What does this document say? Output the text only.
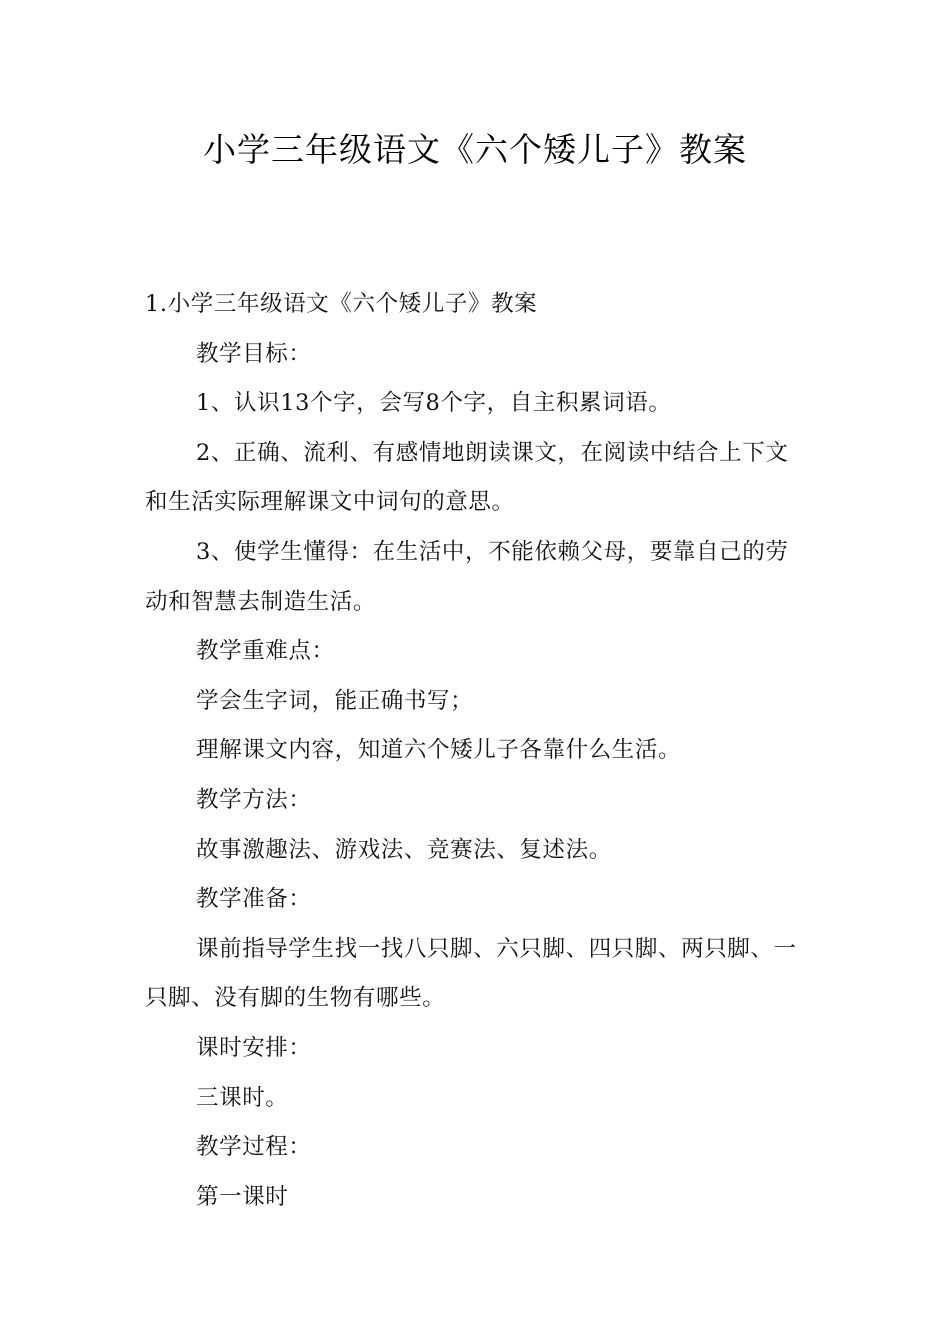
小学三年级语文《六个矮儿子》教案

1.小学三年级语文《六个矮儿子》教案

教学目标：

1、认识13个字，会写8个字，自主积累词语。

2、正确、流利、有感情地朗读课文，在阅读中结合上下文和生活实际理解课文中词句的意思。

3、使学生懂得：在生活中，不能依赖父母，要靠自己的劳动和智慧去制造生活。

教学重难点：

学会生字词，能正确书写；

理解课文内容，知道六个矮儿子各靠什么生活。

教学方法：

故事激趣法、游戏法、竞赛法、复述法。

教学准备：

课前指导学生找一找八只脚、六只脚、四只脚、两只脚、一只脚、没有脚的生物有哪些。

课时安排：

三课时。

教学过程：

第一课时
